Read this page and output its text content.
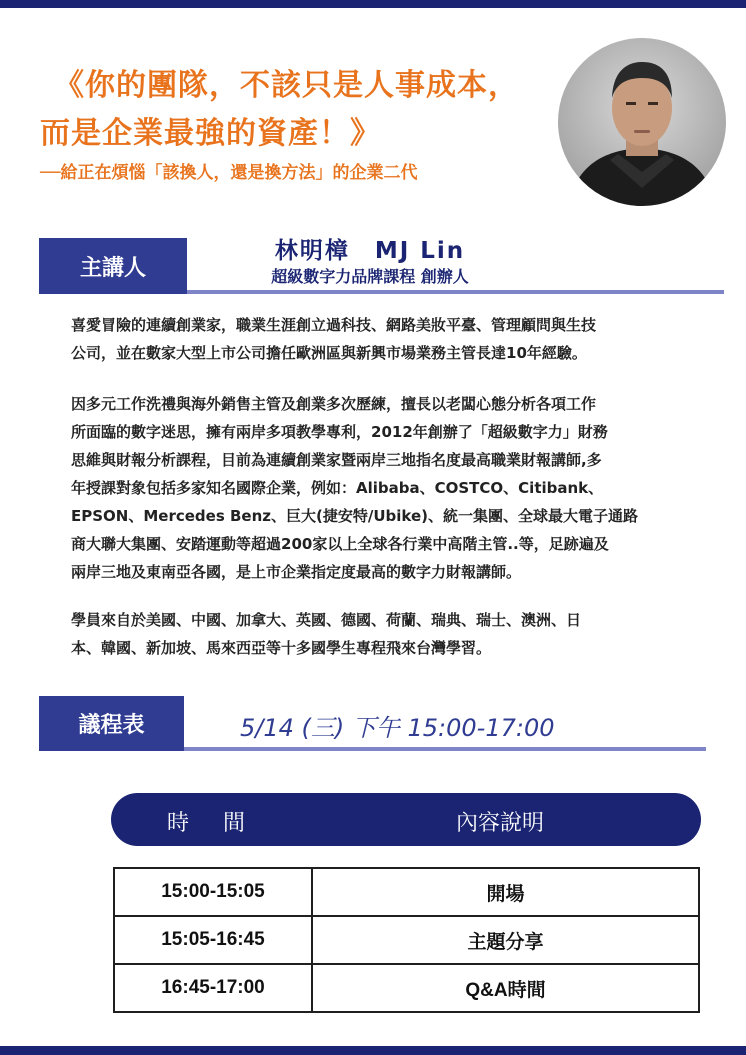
《你的團隊，不該只是人事成本，
而是企業最強的資產！》

──給正在煩惱「該換人，還是換方法」的企業二代

主講人

林明樟　MJ Lin

超級數字力品牌課程 創辦人

喜愛冒險的連續創業家，職業生涯創立過科技、網路美妝平臺、管理顧問與生技
公司，並在數家大型上市公司擔任歐洲區與新興市場業務主管長達10年經驗。

因多元工作洗禮與海外銷售主管及創業多次歷練，擅長以老闆心態分析各項工作
所面臨的數字迷思，擁有兩岸多項教學專利，2012年創辦了「超級數字力」財務
思維與財報分析課程，目前為連續創業家暨兩岸三地指名度最高職業財報講師,多
年授課對象包括多家知名國際企業，例如：Alibaba、COSTCO、Citibank、
EPSON、Mercedes Benz、巨大(捷安特/Ubike)、統一集團、全球最大電子通路
商大聯大集團、安踏運動等超過200家以上全球各行業中高階主管..等，足跡遍及
兩岸三地及東南亞各國，是上市企業指定度最高的數字力財報講師。

學員來自於美國、中國、加拿大、英國、德國、荷蘭、瑞典、瑞士、澳洲、日
本、韓國、新加坡、馬來西亞等十多國學生專程飛來台灣學習。

議程表	5/14 (三) 下午 15:00-17:00

時　間	內容說明
15:00-15:05	開場
15:05-16:45	主題分享
16:45-17:00	Q&A時間
